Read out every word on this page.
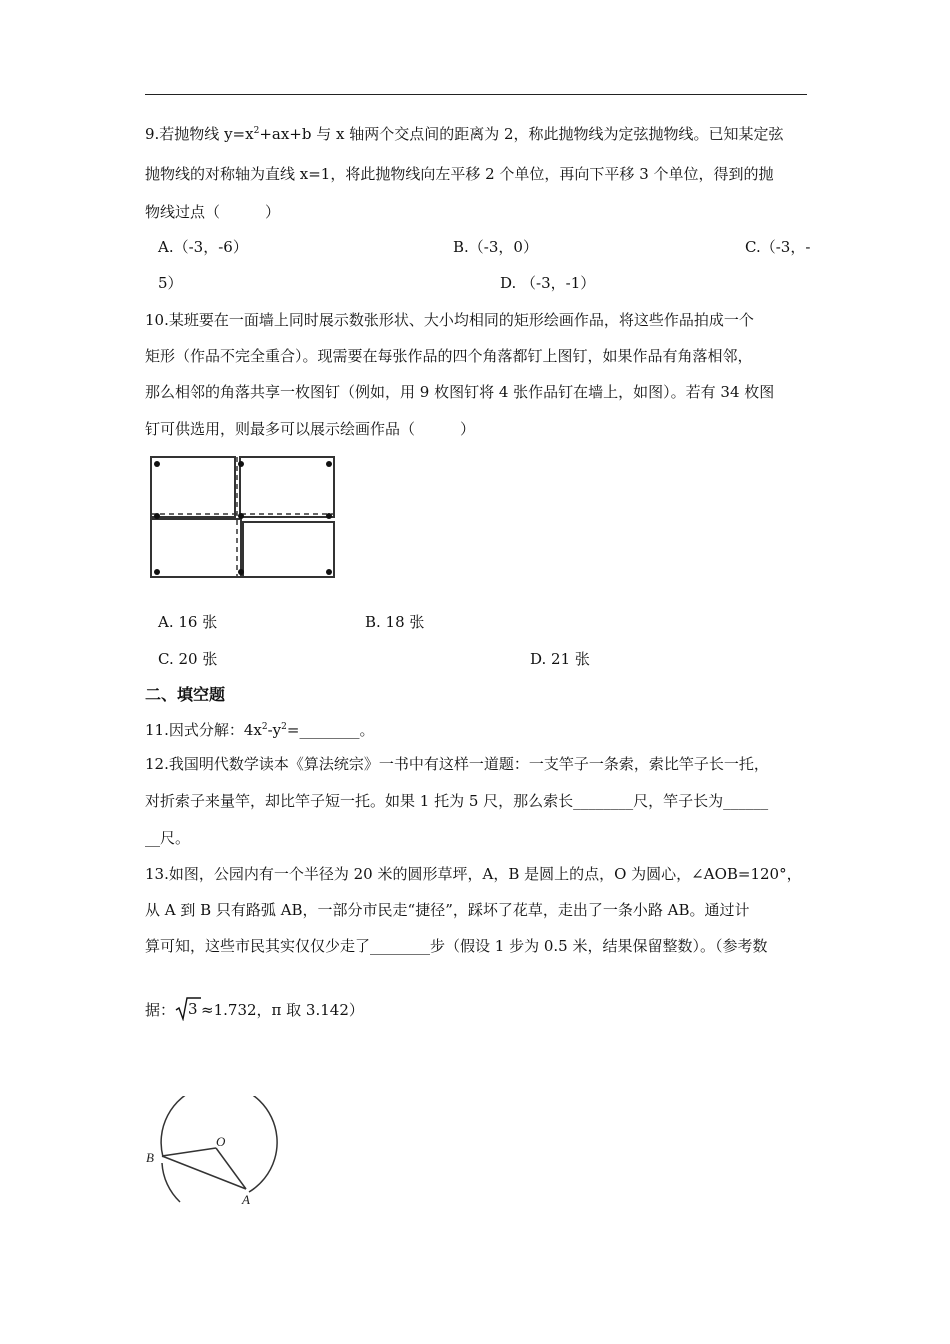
9.若抛物线 $y=x^2+ax+b$ 与 x 轴两个交点间的距离为 2，称此抛物线为定弦抛物线。已知某定弦
抛物线的对称轴为直线 x=1，将此抛物线向左平移 2 个单位，再向下平移 3 个单位，得到的抛
物线过点（　　　）
A.（-3，-6）	B.（-3，0）	C.（-3，-
5）	D. （-3，-1）
10.某班要在一面墙上同时展示数张形状、大小均相同的矩形绘画作品，将这些作品拍成一个
矩形（作品不完全重合）。现需要在每张作品的四个角落都钉上图钉，如果作品有角落相邻，
那么相邻的角落共享一枚图钉（例如，用 9 枚图钉将 4 张作品钉在墙上，如图）。若有 34 枚图
钉可供选用，则最多可以展示绘画作品（　　　）
A. 16 张	B. 18 张
C. 20 张	D. 21 张
二、填空题
11.因式分解：$4x^2-y^2=\_\_\_\_\_\_\_\_$。
12.我国明代数学读本《算法统宗》一书中有这样一道题：一支竿子一条索，索比竿子长一托，
对折索子来量竿，却比竿子短一托。如果 1 托为 5 尺，那么索长________尺，竿子长为______
__尺。
13.如图，公园内有一个半径为 20 米的圆形草坪，A，B 是圆上的点，O 为圆心，∠AOB=120°，
从 A 到 B 只有路弧 AB，一部分市民走“捷径”，踩坏了花草，走出了一条小路 AB。通过计
算可知，这些市民其实仅仅少走了________步（假设 1 步为 0.5 米，结果保留整数）。（参考数
据： 3 ≈1.732，π 取 3.142）
O
B
A
